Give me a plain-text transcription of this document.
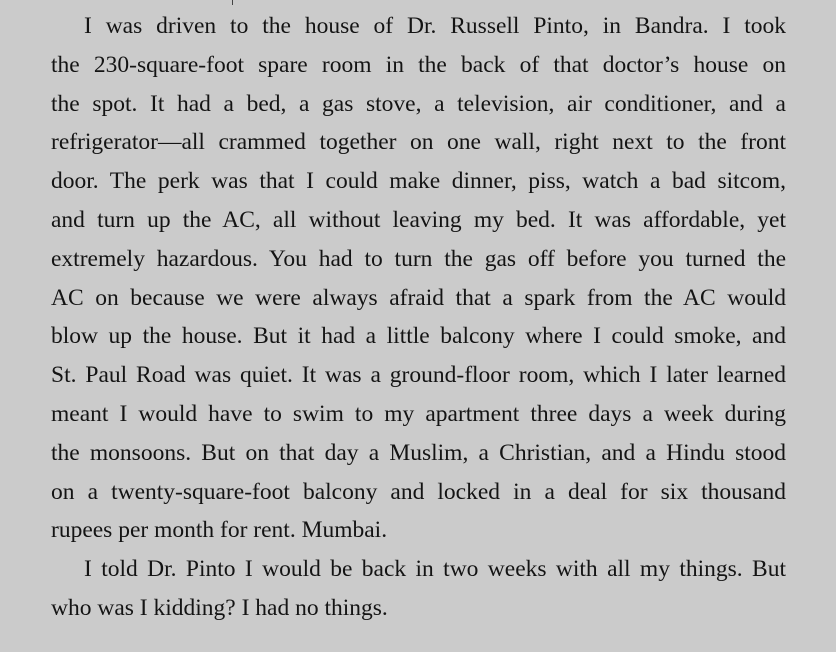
I was driven to the house of Dr. Russell Pinto, in Bandra. I took
the 230-square-foot spare room in the back of that doctor’s house on
the spot. It had a bed, a gas stove, a television, air conditioner, and a
refrigerator—all crammed together on one wall, right next to the front
door. The perk was that I could make dinner, piss, watch a bad sitcom,
and turn up the AC, all without leaving my bed. It was affordable, yet
extremely hazardous. You had to turn the gas off before you turned the
AC on because we were always afraid that a spark from the AC would
blow up the house. But it had a little balcony where I could smoke, and
St. Paul Road was quiet. It was a ground-floor room, which I later learned
meant I would have to swim to my apartment three days a week during
the monsoons. But on that day a Muslim, a Christian, and a Hindu stood
on a twenty-square-foot balcony and locked in a deal for six thousand
rupees per month for rent. Mumbai.
I told Dr. Pinto I would be back in two weeks with all my things. But
who was I kidding? I had no things.
